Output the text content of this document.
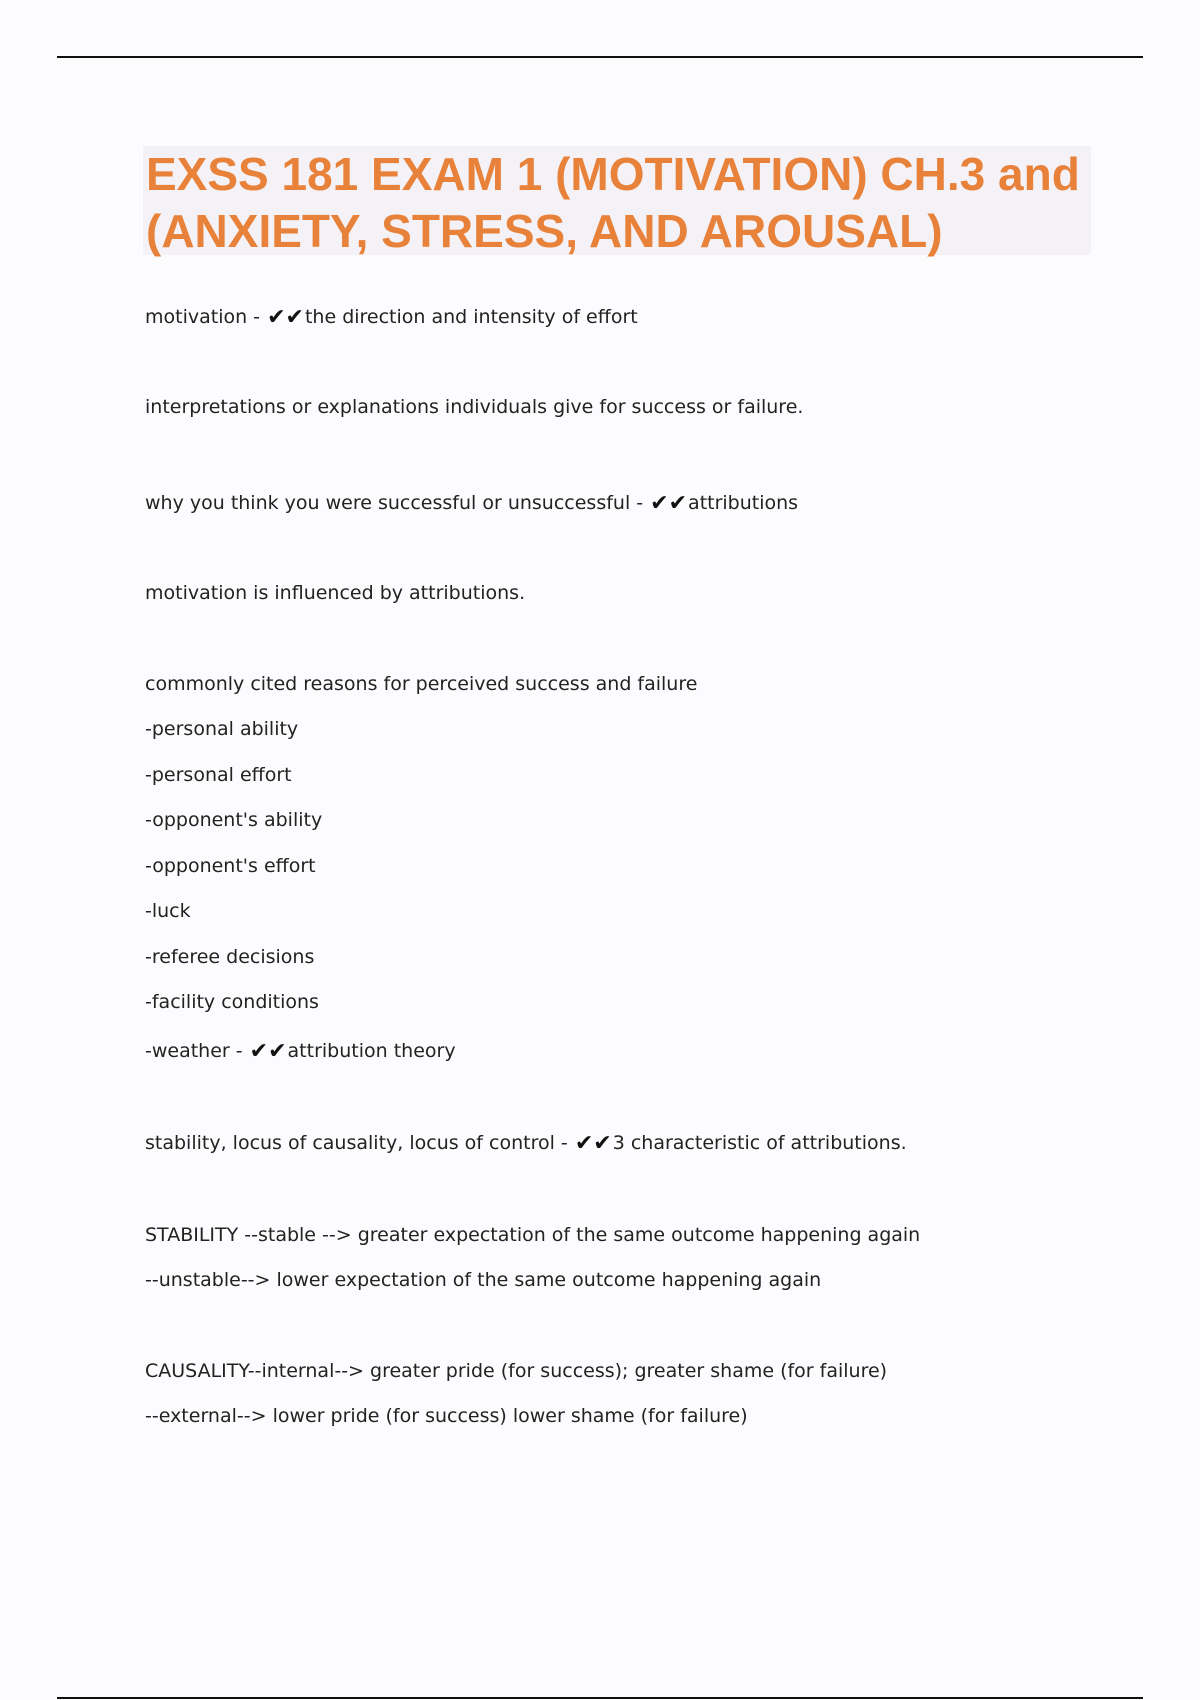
EXSS 181 EXAM 1 (MOTIVATION) CH.3 and (ANXIETY, STRESS, AND AROUSAL)
motivation - ✔✔the direction and intensity of effort
interpretations or explanations individuals give for success or failure.
why you think you were successful or unsuccessful - ✔✔attributions
motivation is influenced by attributions.
commonly cited reasons for perceived success and failure
-personal ability
-personal effort
-opponent's ability
-opponent's effort
-luck
-referee decisions
-facility conditions
-weather - ✔✔attribution theory
stability, locus of causality, locus of control - ✔✔3 characteristic of attributions.
STABILITY --stable --> greater expectation of the same outcome happening again
--unstable--> lower expectation of the same outcome happening again
CAUSALITY--internal--> greater pride (for success); greater shame (for failure)
--external--> lower pride (for success) lower shame (for failure)
